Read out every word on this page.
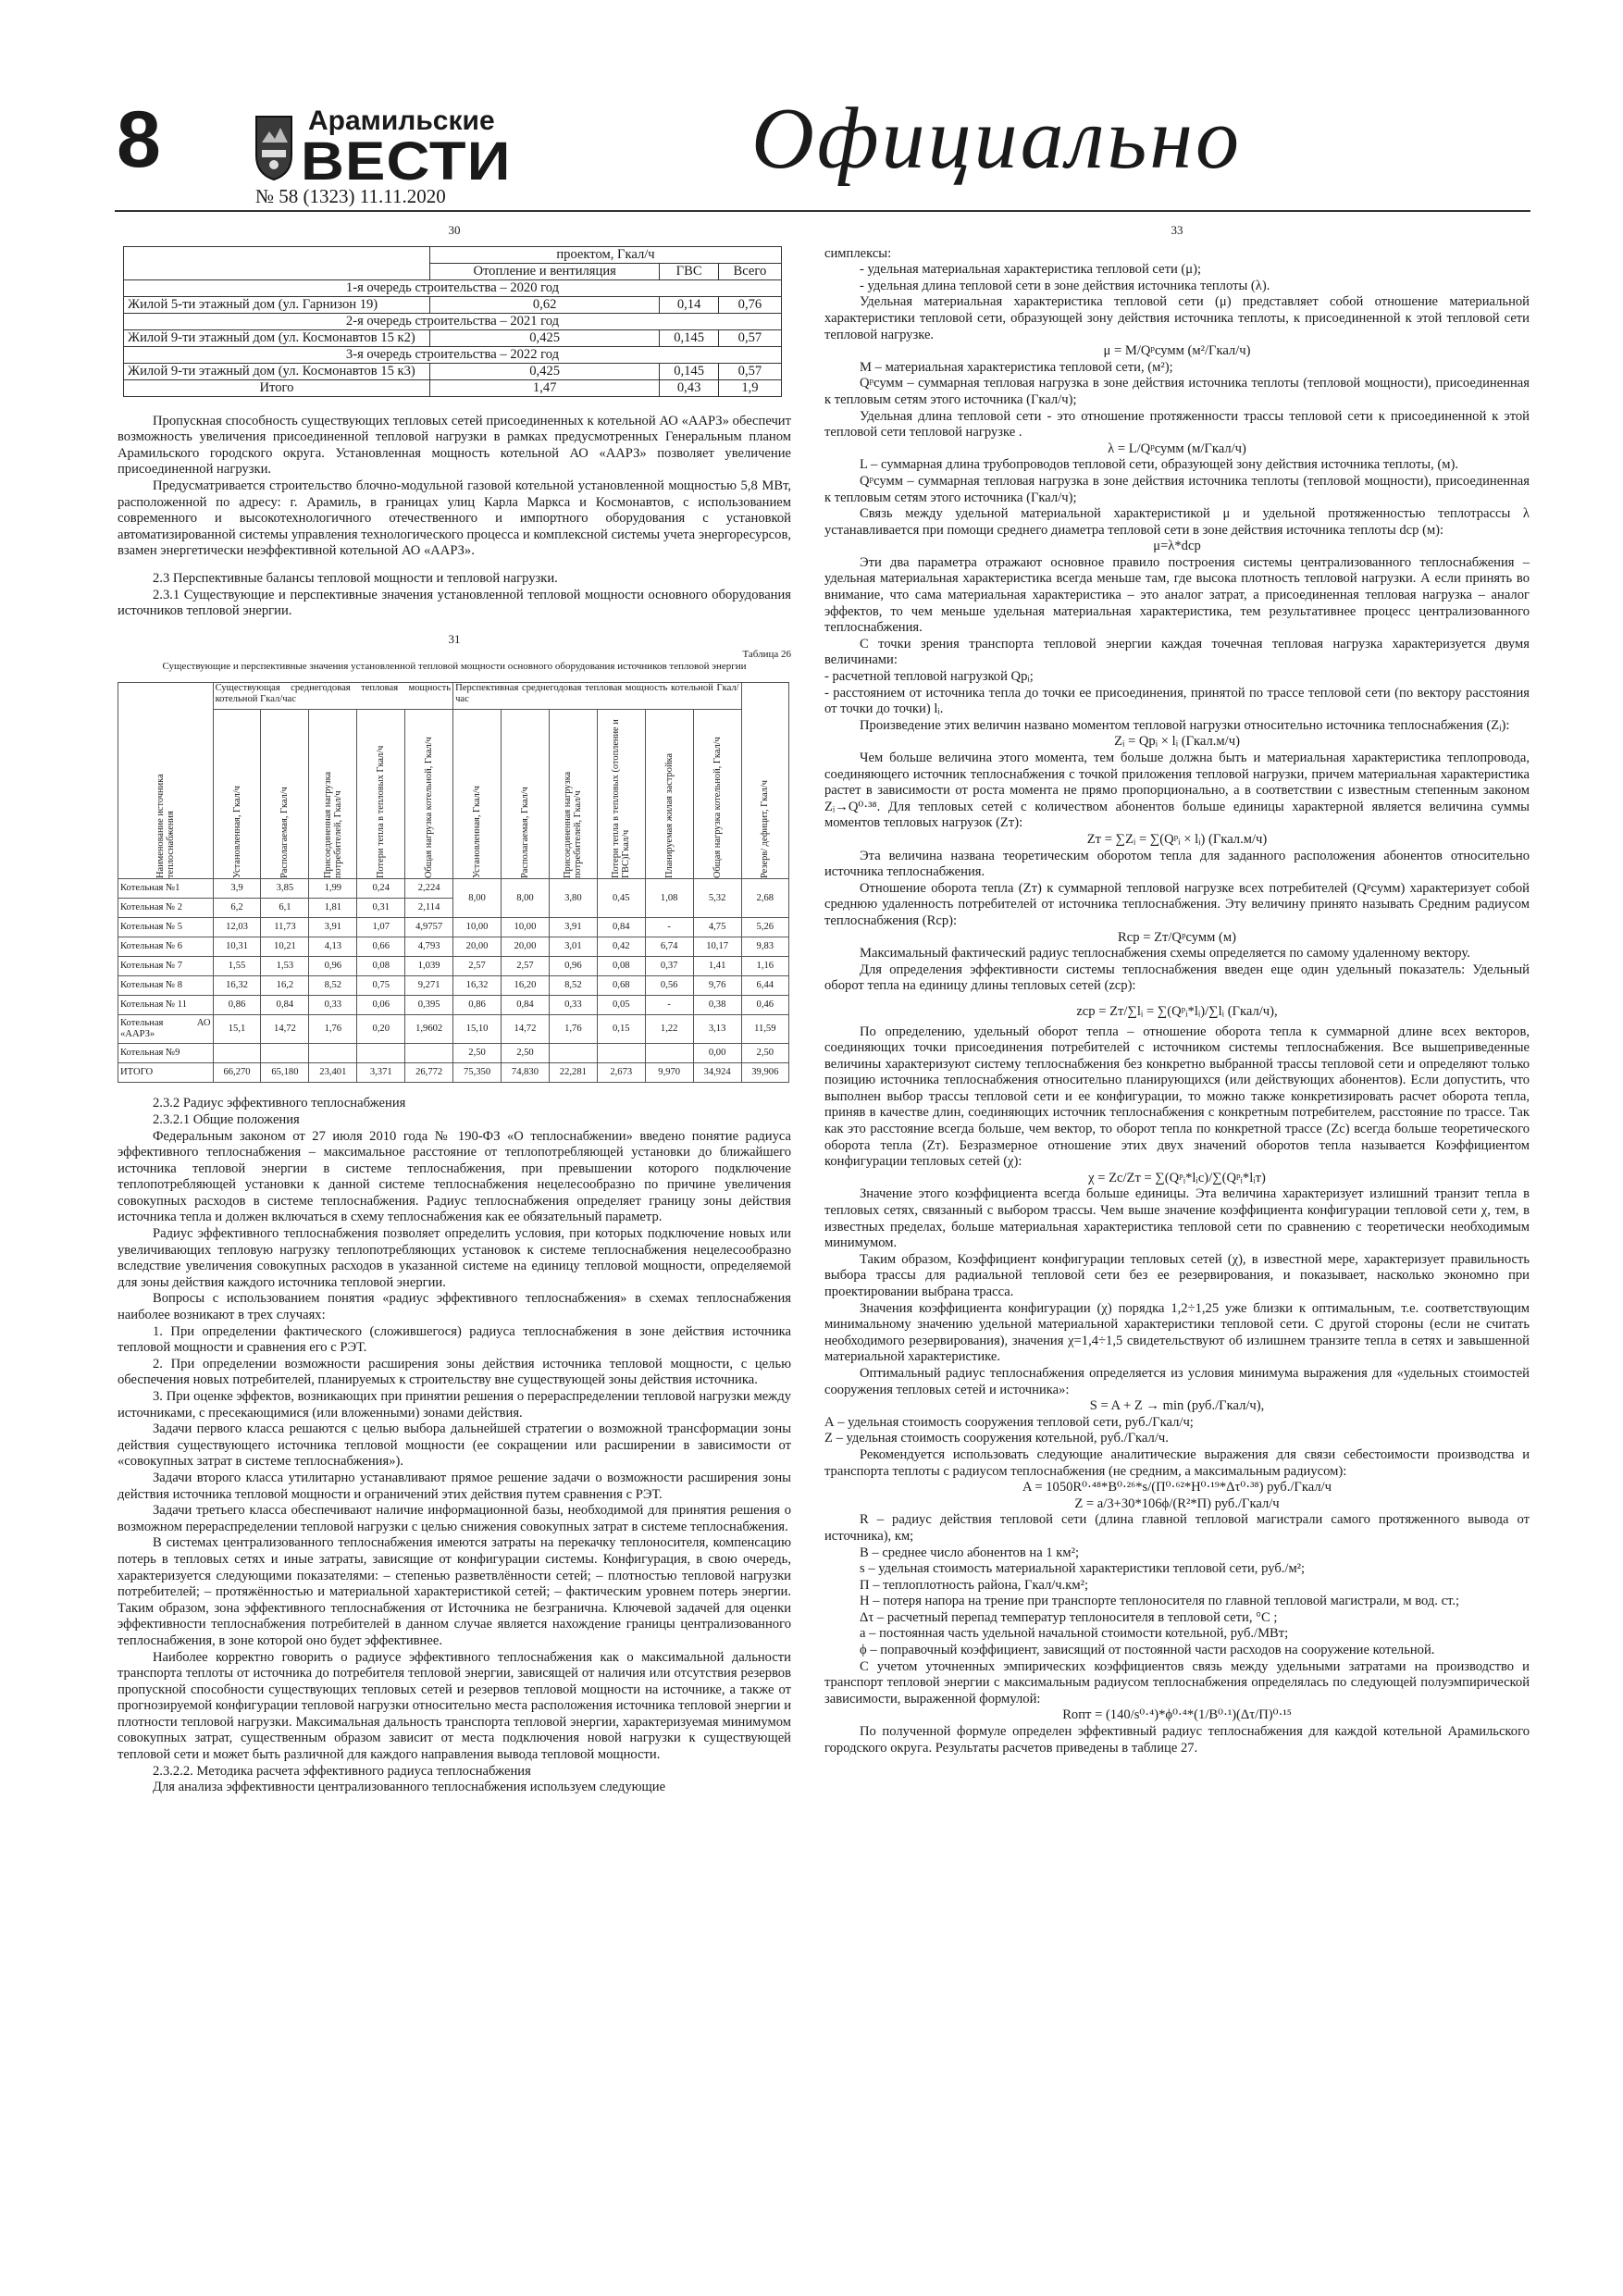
8	Арамильские
ВЕСТИ
№ 58 (1323) 11.11.2020
Официально
30
	проектом, Гкал/ч		
	Отопление и вентиляция	ГВС	Всего
1-я очередь строительства – 2020 год			
Жилой 5-ти этажный дом (ул. Гарнизон 19)	0,62	0,14	0,76
2-я очередь строительства – 2021 год			
Жилой 9-ти этажный дом (ул. Космонавтов 15 к2)	0,425	0,145	0,57
3-я очередь строительства – 2022 год			
Жилой 9-ти этажный дом (ул. Космонавтов 15 к3)	0,425	0,145	0,57
Итого	1,47	0,43	1,9

Пропускная способность существующих тепловых сетей присоединенных к котельной АО «ААРЗ» обеспечит возможность увеличения присоединенной тепловой нагрузки в рамках предусмотренных Генеральным планом Арамильского городского округа. Установленная мощность котельной АО «ААРЗ» позволяет увеличение присоединенной нагрузки.

Предусматривается строительство блочно-модульной газовой котельной установленной мощностью 5,8 МВт, расположенной по адресу: г. Арамиль, в границах улиц Карла Маркса и Космонавтов, с использованием современного и высокотехнологичного отечественного и импортного оборудования с установкой автоматизированной системы управления технологического процесса и комплексной системы учета энергоресурсов, взамен энергетически неэффективной котельной АО «ААРЗ».

2.3 Перспективные балансы тепловой мощности и тепловой нагрузки.

2.3.1 Существующие и перспективные значения установленной тепловой мощности основного оборудования источников тепловой энергии.

31
Таблица 26
Существующие и перспективные значения установленной тепловой мощности основного оборудования источников тепловой энергии
Наименование источника теплоснабжения	Существующая среднегодовая тепловая мощность котельной Гкал/час					Перспективная среднегодовая тепловая мощность котельной Гкал/час						Резерв/ дефицит, Гкал/ч

	Установленная, Гкал/ч	Располагаемая, Гкал/ч	Присоединенная нагрузка потребителей, Гкал/ч	Потери тепла в тепловых Гкал/ч	Общая нагрузка котельной, Гкал/ч	Установленная, Гкал/ч	Располагаемая, Гкал/ч	Присоединенная нагрузка потребителей, Гкал/ч	Потери тепла в тепловых (отопление и ГВС)Гкал/ч	Планируемая жилая застройка	Общая нагрузка котельной, Гкал/ч	

Котельная №1	3,9	3,85	1,99	0,24	2,224	8,00	8,00	3,80	0,45	1,08	5,32	2,68
Котельная № 2	6,2	6,1	1,81	0,31	2,114							
Котельная № 5	12,03	11,73	3,91	1,07	4,9757	10,00	10,00	3,91	0,84	-	4,75	5,26
Котельная № 6	10,31	10,21	4,13	0,66	4,793	20,00	20,00	3,01	0,42	6,74	10,17	9,83
Котельная № 7	1,55	1,53	0,96	0,08	1,039	2,57	2,57	0,96	0,08	0,37	1,41	1,16
Котельная № 8	16,32	16,2	8,52	0,75	9,271	16,32	16,20	8,52	0,68	0,56	9,76	6,44
Котельная № 11	0,86	0,84	0,33	0,06	0,395	0,86	0,84	0,33	0,05	-	0,38	0,46
Котельная АО «ААРЗ»	15,1	14,72	1,76	0,20	1,9602	15,10	14,72	1,76	0,15	1,22	3,13	11,59
Котельная №9						2,50	2,50				0,00	2,50
ИТОГО	66,270	65,180	23,401	3,371	26,772	75,350	74,830	22,281	2,673	9,970	34,924	39,906

2.3.2 Радиус эффективного теплоснабжения

2.3.2.1 Общие положения

Федеральным законом от 27 июля 2010 года № 190-ФЗ «О теплоснабжении» введено понятие радиуса эффективного теплоснабжения – максимальное расстояние от теплопотребляющей установки до ближайшего источника тепловой энергии в системе теплоснабжения, при превышении которого подключение теплопотребляющей установки к данной системе теплоснабжения нецелесообразно по причине увеличения совокупных расходов в системе теплоснабжения. Радиус теплоснабжения определяет границу зоны действия источника тепла и должен включаться в схему теплоснабжения как ее обязательный параметр.

Радиус эффективного теплоснабжения позволяет определить условия, при которых подключение новых или увеличивающих тепловую нагрузку теплопотребляющих установок к системе теплоснабжения нецелесообразно вследствие увеличения совокупных расходов в указанной системе на единицу тепловой мощности, определяемой для зоны действия каждого источника тепловой энергии.

Вопросы с использованием понятия «радиус эффективного теплоснабжения» в схемах теплоснабжения наиболее возникают в трех случаях:

1. При определении фактического (сложившегося) радиуса теплоснабжения в зоне действия источника тепловой мощности и сравнения его с РЭТ.

2. При определении возможности расширения зоны действия источника тепловой мощности, с целью обеспечения новых потребителей, планируемых к строительству вне существующей зоны действия источника.

3. При оценке эффектов, возникающих при принятии решения о перераспределении тепловой нагрузки между источниками, с пресекающимися (или вложенными) зонами действия.

Задачи первого класса решаются с целью выбора дальнейшей стратегии о возможной трансформации зоны действия существующего источника тепловой мощности (ее сокращении или расширении в зависимости от «совокупных затрат в системе теплоснабжения»).

Задачи второго класса утилитарно устанавливают прямое решение задачи о возможности расширения зоны действия источника тепловой мощности и ограничений этих действия путем сравнения с РЭТ.

Задачи третьего класса обеспечивают наличие информационной базы, необходимой для принятия решения о возможном перераспределении тепловой нагрузки с целью снижения совокупных затрат в системе теплоснабжения.

В системах централизованного теплоснабжения имеются затраты на перекачку теплоносителя, компенсацию потерь в тепловых сетях и иные затраты, зависящие от конфигурации системы. Конфигурация, в свою очередь, характеризуется следующими показателями: – степенью разветвлённости сетей; – плотностью тепловой нагрузки потребителей; – протяжённостью и материальной характеристикой сетей; – фактическим уровнем потерь энергии. Таким образом, зона эффективного теплоснабжения от Источника не безгранична. Ключевой задачей для оценки эффективности теплоснабжения потребителей в данном случае является нахождение границы централизованного теплоснабжения, в зоне которой оно будет эффективнее.

Наиболее корректно говорить о радиусе эффективного теплоснабжения как о максимальной дальности транспорта теплоты от источника до потребителя тепловой энергии, зависящей от наличия или отсутствия резервов пропускной способности существующих тепловых сетей и резервов тепловой мощности на источнике, а также от прогнозируемой конфигурации тепловой нагрузки относительно места расположения источника тепловой энергии и плотности тепловой нагрузки. Максимальная дальность транспорта тепловой энергии, характеризуемая минимумом совокупных затрат, существенным образом зависит от места подключения новой нагрузки к существующей тепловой сети и может быть различной для каждого направления вывода тепловой мощности.

2.3.2.2. Методика расчета эффективного радиуса теплоснабжения

Для анализа эффективности централизованного теплоснабжения используем следующие

33

симплексы:

- удельная материальная характеристика тепловой сети (μ);

- удельная длина тепловой сети в зоне действия источника теплоты (λ).

Удельная материальная характеристика тепловой сети (μ) представляет собой отношение материальной характеристики тепловой сети, образующей зону действия источника теплоты, к присоединенной к этой тепловой сети тепловой нагрузке.

μ = M/Qᵖсумм (м²/Гкал/ч)

М – материальная характеристика тепловой сети, (м²);

Qᵖсумм – суммарная тепловая нагрузка в зоне действия источника теплоты (тепловой мощности), присоединенная к тепловым сетям этого источника (Гкал/ч);

Удельная длина тепловой сети - это отношение протяженности трассы тепловой сети к присоединенной к этой тепловой сети тепловой нагрузке .

λ = L/Qᵖсумм (м/Гкал/ч)

L – суммарная длина трубопроводов тепловой сети, образующей зону действия источника теплоты, (м).

Qᵖсумм – суммарная тепловая нагрузка в зоне действия источника теплоты (тепловой мощности), присоединенная к тепловым сетям этого источника (Гкал/ч);

Связь между удельной материальной характеристикой μ и удельной протяженностью теплотрассы λ устанавливается при помощи среднего диаметра тепловой сети в зоне действия источника теплоты dср (м):

μ=λ*dср

Эти два параметра отражают основное правило построения системы централизованного теплоснабжения – удельная материальная характеристика всегда меньше там, где высока плотность тепловой нагрузки. А если принять во внимание, что сама материальная характеристика – это аналог затрат, а присоединенная тепловая нагрузка – аналог эффектов, то чем меньше удельная материальная характеристика, тем результативнее процесс централизованного теплоснабжения.

С точки зрения транспорта тепловой энергии каждая точечная тепловая нагрузка характеризуется двумя величинами:

- расчетной тепловой нагрузкой Qрᵢ;

- расстоянием от источника тепла до точки ее присоединения, принятой по трассе тепловой сети (по вектору расстояния от точки до точки) lᵢ.

Произведение этих величин названо моментом тепловой нагрузки относительно источника теплоснабжения (Zᵢ):

Zᵢ = Qрᵢ × lᵢ (Гкал.м/ч)

Чем больше величина этого момента, тем больше должна быть и материальная характеристика теплопровода, соединяющего источник теплоснабжения с точкой приложения тепловой нагрузки, причем материальная характеристика растет в зависимости от роста момента не прямо пропорционально, а в соответствии с известным степенным законом Zᵢ→Q⁰·³⁸. Для тепловых сетей с количеством абонентов больше единицы характерной является величина суммы моментов тепловых нагрузок (Zт):

Zт = ∑Zᵢ = ∑(Qᵖᵢ × lᵢ) (Гкал.м/ч)

Эта величина названа теоретическим оборотом тепла для заданного расположения абонентов относительно источника теплоснабжения.

Отношение оборота тепла (Zт) к суммарной тепловой нагрузке всех потребителей (Qᵖсумм) характеризует собой среднюю удаленность потребителей от источника теплоснабжения. Эту величину принято называть Средним радиусом теплоснабжения (Rср):

Rср = Zт/Qᵖсумм (м)

Максимальный фактический радиус теплоснабжения схемы определяется по самому удаленному вектору.

Для определения эффективности системы теплоснабжения введен еще один удельный показатель: Удельный оборот тепла на единицу длины тепловых сетей (zср):

zср = Zт/∑lᵢ = ∑(Qᵖᵢ*lᵢ)/∑lᵢ (Гкал/ч),

По определению, удельный оборот тепла – отношение оборота тепла к суммарной длине всех векторов, соединяющих точки присоединения потребителей с источником системы теплоснабжения. Все вышеприведенные величины характеризуют систему теплоснабжения без конкретно выбранной трассы тепловой сети и определяют только позицию источника теплоснабжения относительно планирующихся (или действующих абонентов). Если допустить, что выполнен выбор трассы тепловой сети и ее конфигурации, то можно также конкретизировать расчет оборота тепла, приняв в качестве длин, соединяющих источник теплоснабжения с конкретным потребителем, расстояние по трассе. Так как это расстояние всегда больше, чем вектор, то оборот тепла по конкретной трассе (Zc) всегда больше теоретического оборота тепла (Zт). Безразмерное отношение этих двух значений оборотов тепла называется Коэффициентом конфигурации тепловых сетей (χ):

χ = Zc/Zт = ∑(Qᵖᵢ*lᵢc)/∑(Qᵖᵢ*lᵢт)

Значение этого коэффициента всегда больше единицы. Эта величина характеризует излишний транзит тепла в тепловых сетях, связанный с выбором трассы. Чем выше значение коэффициента конфигурации тепловой сети χ, тем, в известных пределах, больше материальная характеристика тепловой сети по сравнению с теоретически необходимым минимумом.

Таким образом, Коэффициент конфигурации тепловых сетей (χ), в известной мере, характеризует правильность выбора трассы для радиальной тепловой сети без ее резервирования, и показывает, насколько экономно при проектировании выбрана трасса.

Значения коэффициента конфигурации (χ) порядка 1,2÷1,25 уже близки к оптимальным, т.е. соответствующим минимальному значению удельной материальной характеристики тепловой сети. С другой стороны (если не считать необходимого резервирования), значения χ=1,4÷1,5 свидетельствуют об излишнем транзите тепла в сетях и завышенной материальной характеристике.

Оптимальный радиус теплоснабжения определяется из условия минимума выражения для «удельных стоимостей сооружения тепловых сетей и источника»:

S = A + Z → min (руб./Гкал/ч),

А – удельная стоимость сооружения тепловой сети, руб./Гкал/ч;

Z – удельная стоимость сооружения котельной, руб./Гкал/ч.

Рекомендуется использовать следующие аналитические выражения для связи себестоимости производства и транспорта теплоты с радиусом теплоснабжения (не средним, а максимальным радиусом):

A = 1050R⁰·⁴⁸*B⁰·²⁶*s/(П⁰·⁶²*H⁰·¹⁹*Δτ⁰·³⁸) руб./Гкал/ч

Z = a/3+30*106ϕ/(R²*П) руб./Гкал/ч

R – радиус действия тепловой сети (длина главной тепловой магистрали самого протяженного вывода от источника), км;

В – среднее число абонентов на 1 км²;

s – удельная стоимость материальной характеристики тепловой сети, руб./м²;

П – теплоплотность района, Гкал/ч.км²;

Н – потеря напора на трение при транспорте теплоносителя по главной тепловой магистрали, м вод. ст.;

Δτ – расчетный перепад температур теплоносителя в тепловой сети, °С ;

а – постоянная часть удельной начальной стоимости котельной, руб./МВт;

ϕ – поправочный коэффициент, зависящий от постоянной части расходов на сооружение котельной.

С учетом уточненных эмпирических коэффициентов связь между удельными затратами на производство и транспорт тепловой энергии с максимальным радиусом теплоснабжения определялась по следующей полуэмпирической зависимости, выраженной формулой:

Rопт = (140/s⁰·⁴)*ϕ⁰·⁴*(1/B⁰·¹)(Δτ/П)⁰·¹⁵

По полученной формуле определен эффективный радиус теплоснабжения для каждой котельной Арамильского городского округа. Результаты расчетов приведены в таблице 27.
